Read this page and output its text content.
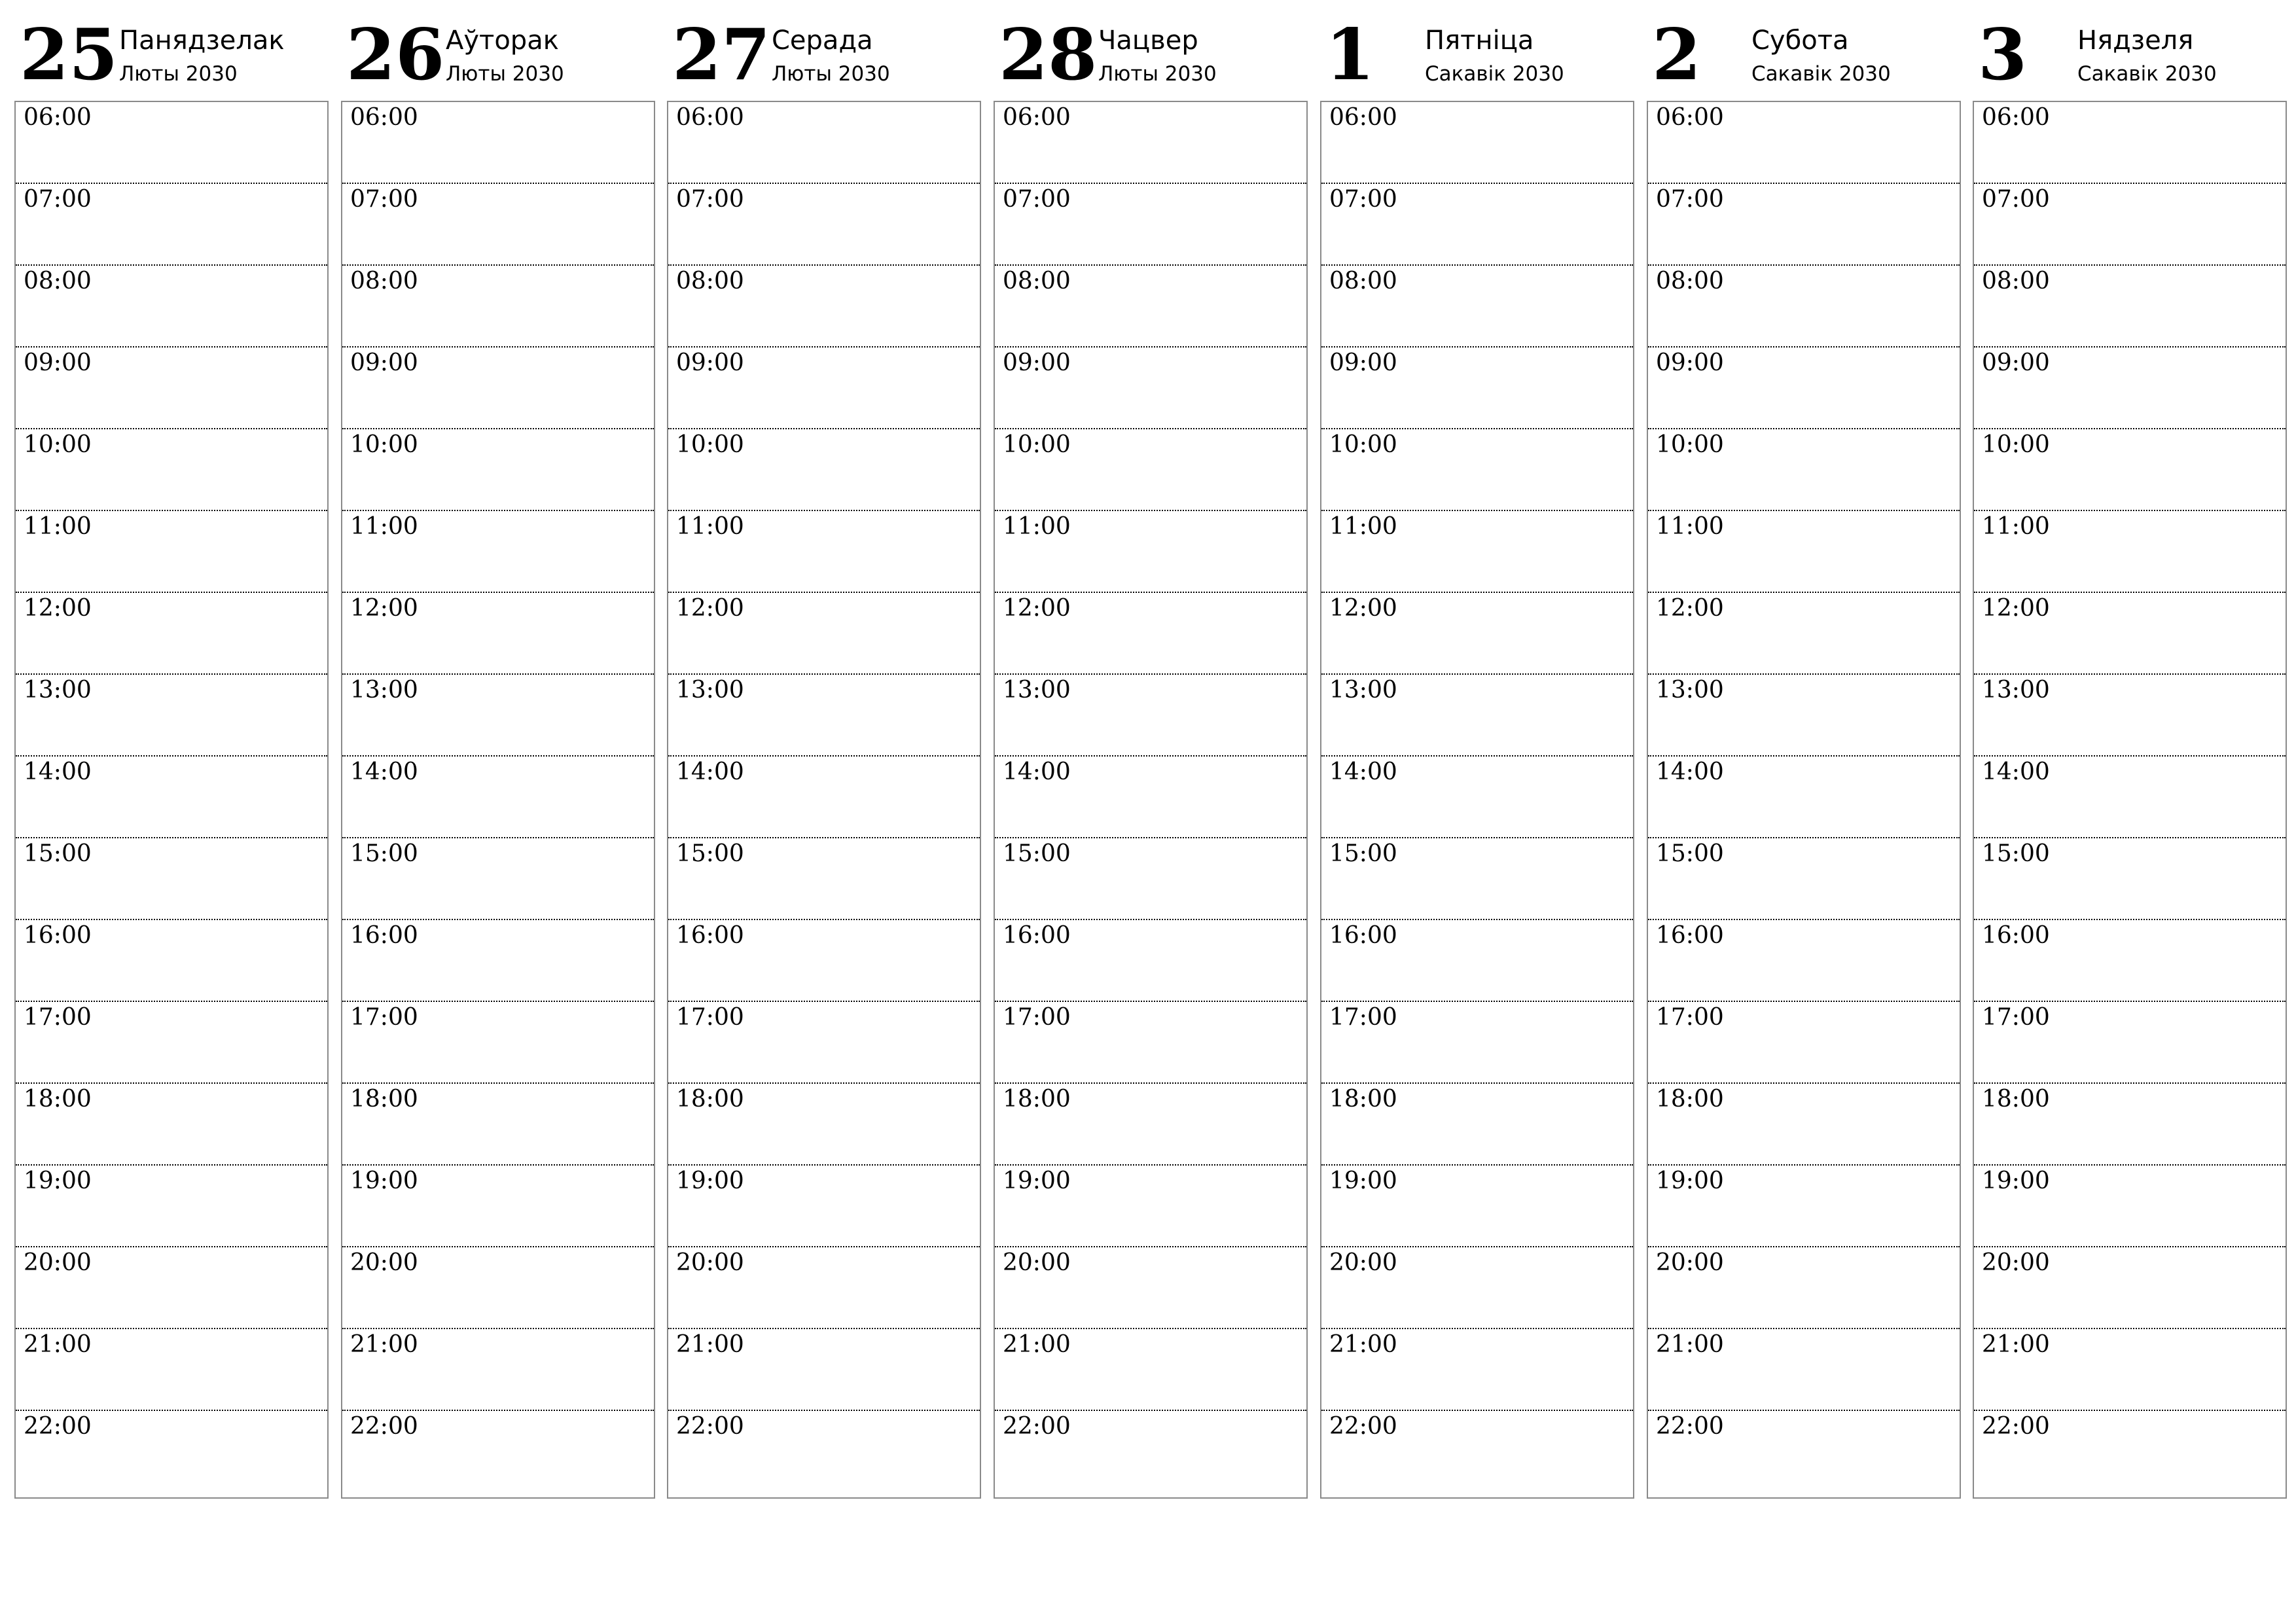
25 Панядзелак
Люты 2030
06:00
07:00
08:00
09:00
10:00
11:00
12:00
13:00
14:00
15:00
16:00
17:00
18:00
19:00
20:00
21:00
22:00
26 Аўторак
Люты 2030
06:00
07:00
08:00
09:00
10:00
11:00
12:00
13:00
14:00
15:00
16:00
17:00
18:00
19:00
20:00
21:00
22:00
27 Серада
Люты 2030
06:00
07:00
08:00
09:00
10:00
11:00
12:00
13:00
14:00
15:00
16:00
17:00
18:00
19:00
20:00
21:00
22:00
28 Чацвер
Люты 2030
06:00
07:00
08:00
09:00
10:00
11:00
12:00
13:00
14:00
15:00
16:00
17:00
18:00
19:00
20:00
21:00
22:00
1 Пятніца
Сакавік 2030
06:00
07:00
08:00
09:00
10:00
11:00
12:00
13:00
14:00
15:00
16:00
17:00
18:00
19:00
20:00
21:00
22:00
2 Субота
Сакавік 2030
06:00
07:00
08:00
09:00
10:00
11:00
12:00
13:00
14:00
15:00
16:00
17:00
18:00
19:00
20:00
21:00
22:00
3 Нядзеля
Сакавік 2030
06:00
07:00
08:00
09:00
10:00
11:00
12:00
13:00
14:00
15:00
16:00
17:00
18:00
19:00
20:00
21:00
22:00
